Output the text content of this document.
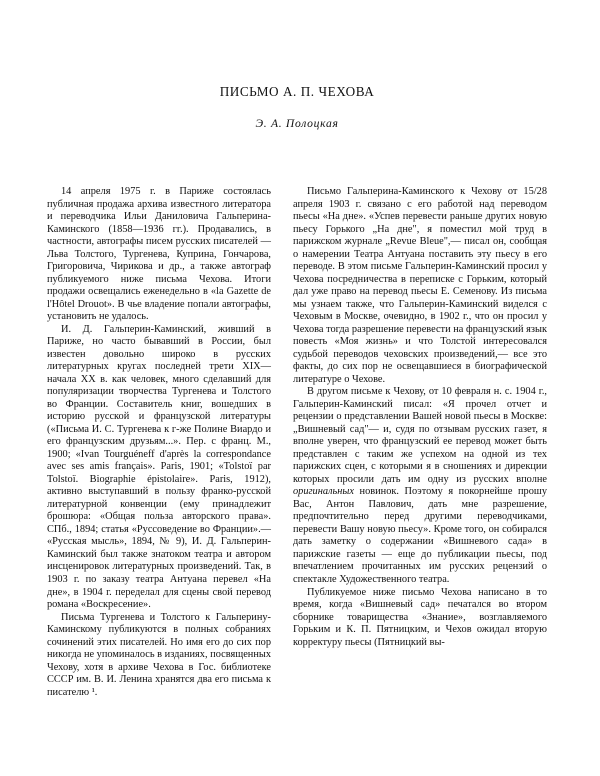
ПИСЬМО А. П. ЧЕХОВА

Э. А. Полоцкая

14 апреля 1975 г. в Париже состоялась публичная продажа архива известного литератора и переводчика Ильи Даниловича Гальперина-Каминского (1858—1936 гг.). Продавались, в частности, автографы писем русских писателей — Льва Толстого, Тургенева, Куприна, Гончарова, Григоровича, Чирикова и др., а также автограф публикуемого ниже письма Чехова. Итоги продажи освещались еженедельно в «la Gazette de l'Hôtel Drouot». В чье владение попали автографы, установить не удалось.

И. Д. Гальперин-Каминский, живший в Париже, но часто бывавший в России, был известен довольно широко в русских литературных кругах последней трети XIX— начала XX в. как человек, много сделавший для популяризации творчества Тургенева и Толстого во Франции. Составитель книг, вошедших в историю русской и французской литературы («Письма И. С. Тургенева к г-же Полине Виардо и его французским друзьям...». Пер. с франц. М., 1900; «Ivan Tourguéneff d'après la correspondance avec ses amis français». Paris, 1901; «Tolstoï par Tolstoï. Biographie épistolaire». Paris, 1912), активно выступавший в пользу франко-русской литературной конвенции (ему принадлежит брошюра: «Общая польза авторского права». СПб., 1894; статья «Руссоведение во Франции».— «Русская мысль», 1894, № 9), И. Д. Гальперин-Каминский был также знатоком театра и автором инсценировок литературных произведений. Так, в 1903 г. по заказу театра Антуана перевел «На дне», в 1904 г. переделал для сцены свой перевод романа «Воскресение».

Письма Тургенева и Толстого к Гальперину-Каминскому публикуются в полных собраниях сочинений этих писателей. Но имя его до сих пор никогда не упоминалось в изданиях, посвященных Чехову, хотя в архиве Чехова в Гос. библиотеке СССР им. В. И. Ленина хранятся два его письма к писателю ¹.

Письмо Гальперина-Каминского к Чехову от 15/28 апреля 1903 г. связано с его работой над переводом пьесы «На дне». «Успев перевести раньше других новую пьесу Горького „На дне", я поместил мой труд в парижском журнале „Revue Bleue",— писал он, сообщая о намерении Театра Антуана поставить эту пьесу в его переводе. В этом письме Гальперин-Каминский просил у Чехова посредничества в переписке с Горьким, который дал уже право на перевод пьесы Е. Семенову. Из письма мы узнаем также, что Гальперин-Каминский виделся с Чеховым в Москве, очевидно, в 1902 г., что он просил у Чехова тогда разрешение перевести на французский язык повесть «Моя жизнь» и что Толстой интересовался судьбой переводов чеховских произведений,— все это факты, до сих пор не освещавшиеся в биографической литературе о Чехове.

В другом письме к Чехову, от 10 февраля н. с. 1904 г., Гальперин-Каминский писал: «Я прочел отчет и рецензии о представлении Вашей новой пьесы в Москве: „Вишневый сад"— и, судя по отзывам русских газет, я вполне уверен, что французский ее перевод может быть представлен с таким же успехом на одной из тех парижских сцен, с которыми я в сношениях и дирекции которых просили дать им одну из русских вполне оригинальных новинок. Поэтому я покорнейше прошу Вас, Антон Павлович, дать мне разрешение, предпочтительно перед другими переводчиками, перевести Вашу новую пьесу». Кроме того, он собирался дать заметку о содержании «Вишневого сада» в парижские газеты — еще до публикации пьесы, под впечатлением прочитанных им русских рецензий о спектакле Художественного театра.

Публикуемое ниже письмо Чехова написано в то время, когда «Вишневый сад» печатался во втором сборнике товарищества «Знание», возглавляемого Горьким и К. П. Пятницким, и Чехов ожидал вторую корректуру пьесы (Пятницкий вы-
